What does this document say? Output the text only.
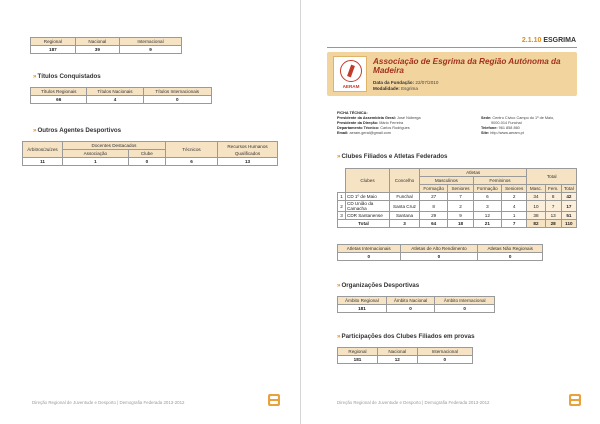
Regional	Nacional	Internacional
187	39	9
»Títulos Conquistados
Títulos Regionais	Títulos Nacionais	Títulos Internacionais
66	4	0
»Outros Agentes Desportivos
Árbitros/Juízes	Docentes Destacados		Técnicos	Recursos Humanos Qualificados
	Associação	Clube		
11	1	0	6	13
Direção Regional de Juventude e Desporto | Demografia Federada 2013-2012
2.1.10 ESGRIMA
AERAM
Associação de Esgrima da Região Autónoma da Madeira
Data da Fundação: 22/07/2010
Modalidade: Esgrima
FICHA TÉCNICA:
Presidente da Assembleia Geral: José Nóbrega
Presidente da Direção: Mário Ferreira
Departamento Técnico: Carlos Rodrigues
Email: aeram.geral@gmail.com
Sede: Centro Cívico Campo do 1º de Maio,
9000-014 Funchal
Telefone: 961 858 860
Site: http://www.aeram.pt
»Clubes Filiados e Atletas Federados
	Clubes	Concelho	Atletas				Total		
			Masculinos		Femininos				
			Formação	Seniores	Formação	Seniores	Masc.	Fem.	Total
1	CD 1º de Maio	Funchal	27	7	6	2	34	8	42
2	CD União da Camacha	Santa Cruz	8	2	3	4	10	7	17
3	CDR Santanense	Santana	29	9	12	1	38	13	51
Total		3	64	18	21	7	82	28	110
Atletas Internacionais	Atletas de Alto Rendimento	Atletas Não Regionais
0	0	0
»Organizações Desportivas
Âmbito Regional	Âmbito Nacional	Âmbito Internacional
181	0	0
»Participações dos Clubes Filiados em provas
Regional	Nacional	Internacional
181	12	0
Direção Regional de Juventude e Desporto | Demografia Federada 2013-2012
